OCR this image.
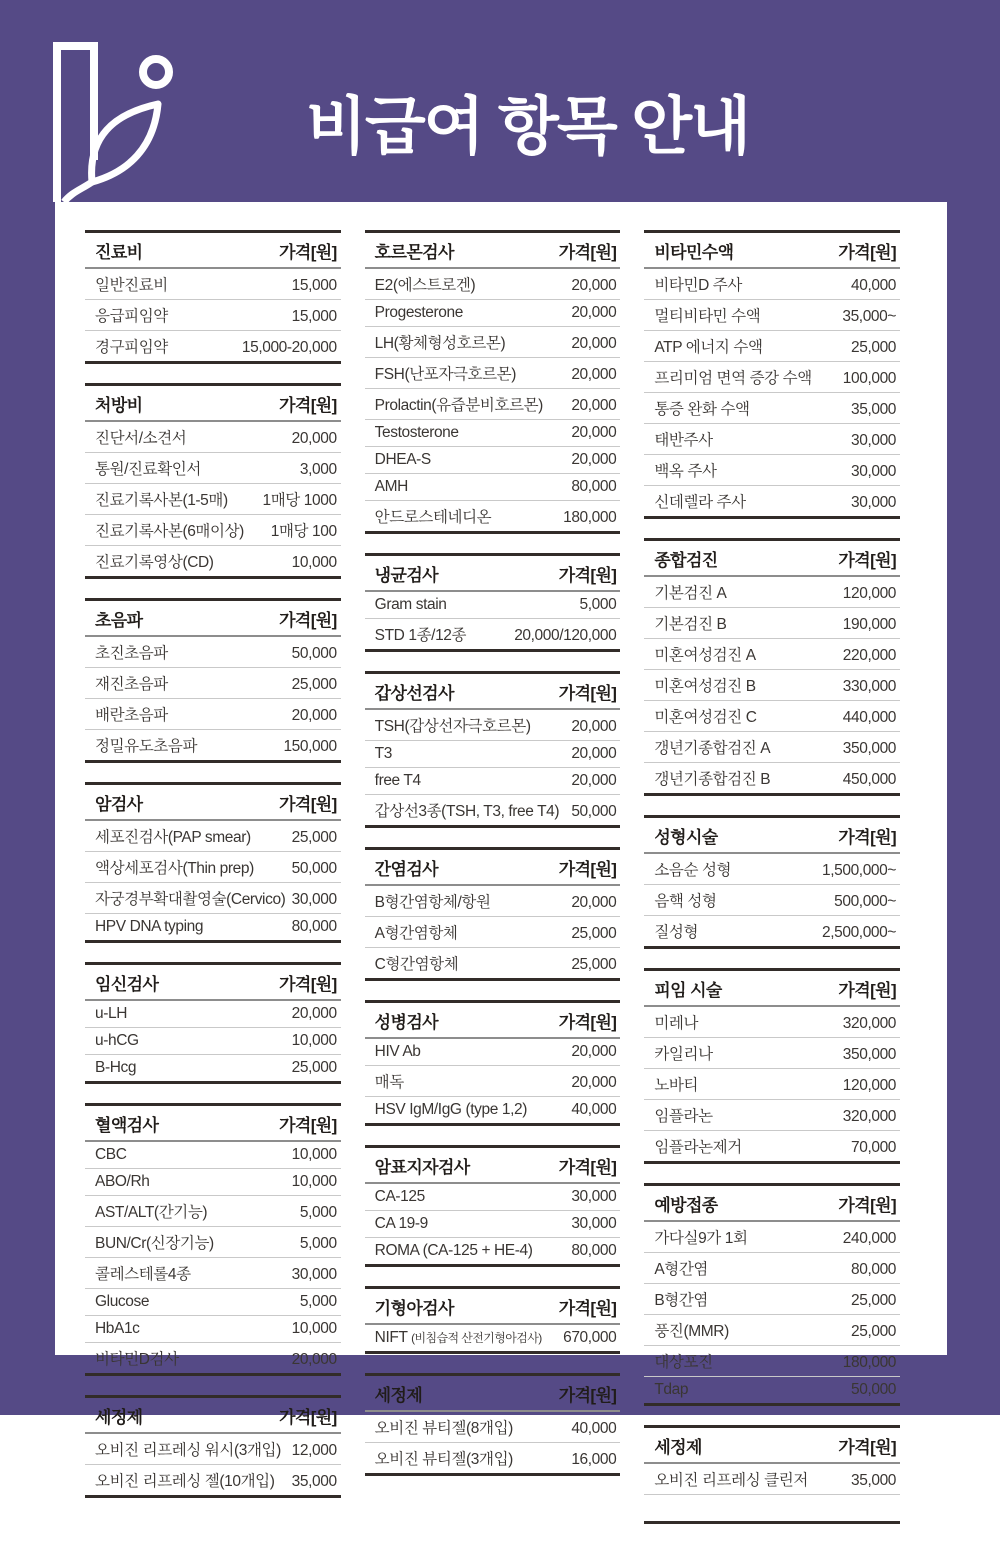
비급여 항목 안내
진료비	가격[원]
일반진료비	15,000
응급피임약	15,000
경구피임약	15,000-20,000
처방비	가격[원]
진단서/소견서	20,000
통원/진료확인서	3,000
진료기록사본(1-5매)	1매당 1000
진료기록사본(6매이상)	1매당 100
진료기록영상(CD)	10,000
초음파	가격[원]
초진초음파	50,000
재진초음파	25,000
배란초음파	20,000
정밀유도초음파	150,000
암검사	가격[원]
세포진검사(PAP smear)	25,000
액상세포검사(Thin prep)	50,000
자궁경부확대촬영술(Cervico) 30,000
HPV DNA typing	80,000
임신검사	가격[원]
u-LH	20,000
u-hCG	10,000
B-Hcg	25,000
혈액검사	가격[원]
CBC	10,000
ABO/Rh	10,000
AST/ALT(간기능)	5,000
BUN/Cr(신장기능)	5,000
콜레스테롤4종	30,000
Glucose	5,000
HbA1c	10,000
비타민D검사	20,000
세정제	가격[원]
오비진 리프레싱 워시(3개입) 12,000
오비진 리프레싱 젤(10개입)	35,000
호르몬검사	가격[원]
E2(에스트로겐)	20,000
Progesterone	20,000
LH(황체형성호르몬)	20,000
FSH(난포자극호르몬)	20,000
Prolactin(유즙분비호르몬)	20,000
Testosterone	20,000
DHEA-S	20,000
AMH	80,000
안드로스테네디온	180,000
냉균검사	가격[원]
Gram stain	5,000
STD 1종/12종	20,000/120,000
갑상선검사	가격[원]
TSH(갑상선자극호르몬)	20,000
T3	20,000
free T4	20,000
갑상선3종(TSH, T3, free T4) 50,000
간염검사	가격[원]
B형간염항체/항원	20,000
A형간염항체	25,000
C형간염항체	25,000
성병검사	가격[원]
HIV Ab	20,000
매독	20,000
HSV IgM/IgG (type 1,2)	40,000
암표지자검사	가격[원]
CA-125	30,000
CA 19-9	30,000
ROMA (CA-125 + HE-4)	80,000
기형아검사	가격[원]
NIFT (비침습적 산전기형아검사)	670,000
세정제	가격[원]
오비진 뷰티젤(8개입)	40,000
오비진 뷰티젤(3개입)	16,000
비타민수액	가격[원]
비타민D 주사	40,000
멀티비타민 수액	35,000~
ATP 에너지 수액	25,000
프리미엄 면역 증강 수액	100,000
통증 완화 수액	35,000
태반주사	30,000
백옥 주사	30,000
신데렐라 주사	30,000
종합검진	가격[원]
기본검진 A	120,000
기본검진 B	190,000
미혼여성검진 A	220,000
미혼여성검진 B	330,000
미혼여성검진 C	440,000
갱년기종합검진 A	350,000
갱년기종합검진 B	450,000
성형시술	가격[원]
소음순 성형	1,500,000~
음핵 성형	500,000~
질성형	2,500,000~
피임 시술	가격[원]
미레나	320,000
카일리나	350,000
노바티	120,000
임플라논	320,000
임플라논제거	70,000
예방접종	가격[원]
가다실9가 1회	240,000
A형간염	80,000
B형간염	25,000
풍진(MMR)	25,000
대상포진	180,000
Tdap	50,000
세정제	가격[원]
오비진 리프레싱 클린저	35,000
